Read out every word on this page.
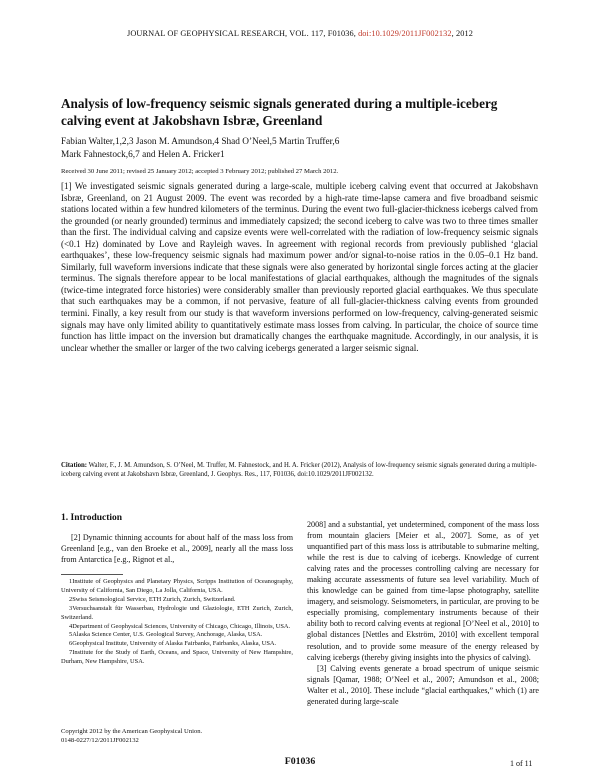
JOURNAL OF GEOPHYSICAL RESEARCH, VOL. 117, F01036, doi:10.1029/2011JF002132, 2012
Analysis of low-frequency seismic signals generated during a multiple-iceberg calving event at Jakobshavn Isbræ, Greenland
Fabian Walter,1,2,3 Jason M. Amundson,4 Shad O’Neel,5 Martin Truffer,6
Mark Fahnestock,6,7 and Helen A. Fricker1
Received 30 June 2011; revised 25 January 2012; accepted 3 February 2012; published 27 March 2012.
[1] We investigated seismic signals generated during a large-scale, multiple iceberg calving event that occurred at Jakobshavn Isbræ, Greenland, on 21 August 2009. The event was recorded by a high-rate time-lapse camera and five broadband seismic stations located within a few hundred kilometers of the terminus. During the event two full-glacier-thickness icebergs calved from the grounded (or nearly grounded) terminus and immediately capsized; the second iceberg to calve was two to three times smaller than the first. The individual calving and capsize events were well-correlated with the radiation of low-frequency seismic signals (<0.1 Hz) dominated by Love and Rayleigh waves. In agreement with regional records from previously published ‘glacial earthquakes’, these low-frequency seismic signals had maximum power and/or signal-to-noise ratios in the 0.05–0.1 Hz band. Similarly, full waveform inversions indicate that these signals were also generated by horizontal single forces acting at the glacier terminus. The signals therefore appear to be local manifestations of glacial earthquakes, although the magnitudes of the signals (twice-time integrated force histories) were considerably smaller than previously reported glacial earthquakes. We thus speculate that such earthquakes may be a common, if not pervasive, feature of all full-glacier-thickness calving events from grounded termini. Finally, a key result from our study is that waveform inversions performed on low-frequency, calving-generated seismic signals may have only limited ability to quantitatively estimate mass losses from calving. In particular, the choice of source time function has little impact on the inversion but dramatically changes the earthquake magnitude. Accordingly, in our analysis, it is unclear whether the smaller or larger of the two calving icebergs generated a larger seismic signal.
Citation: Walter, F., J. M. Amundson, S. O’Neel, M. Truffer, M. Fahnestock, and H. A. Fricker (2012), Analysis of low-frequency seismic signals generated during a multiple-iceberg calving event at Jakobshavn Isbræ, Greenland, J. Geophys. Res., 117, F01036, doi:10.1029/2011JF002132.
1. Introduction

[2] Dynamic thinning accounts for about half of the mass loss from Greenland [e.g., van den Broeke et al., 2009], nearly all the mass loss from Antarctica [e.g., Rignot et al.,

1Institute of Geophysics and Planetary Physics, Scripps Institution of Oceanography, University of California, San Diego, La Jolla, California, USA.

2Swiss Seismological Service, ETH Zurich, Zurich, Switzerland.

3Versuchsanstalt für Wasserbau, Hydrologie und Glaziologie, ETH Zurich, Zurich, Switzerland.

4Department of Geophysical Sciences, University of Chicago, Chicago, Illinois, USA.

5Alaska Science Center, U.S. Geological Survey, Anchorage, Alaska, USA.

6Geophysical Institute, University of Alaska Fairbanks, Fairbanks, Alaska, USA.

7Institute for the Study of Earth, Oceans, and Space, University of New Hampshire, Durham, New Hampshire, USA.

Copyright 2012 by the American Geophysical Union.
0148-0227/12/2011JF002132

2008] and a substantial, yet undetermined, component of the mass loss from mountain glaciers [Meier et al., 2007]. Some, as of yet unquantified part of this mass loss is attributable to submarine melting, while the rest is due to calving of icebergs. Knowledge of current calving rates and the processes controlling calving are necessary for making accurate assessments of future sea level variability. Much of this knowledge can be gained from time-lapse photography, satellite imagery, and seismology. Seismometers, in particular, are proving to be especially promising, complementary instruments because of their ability both to record calving events at regional [O’Neel et al., 2010] to global distances [Nettles and Ekström, 2010] with excellent temporal resolution, and to provide some measure of the energy released by calving icebergs (thereby giving insights into the physics of calving).

[3] Calving events generate a broad spectrum of unique seismic signals [Qamar, 1988; O’Neel et al., 2007; Amundson et al., 2008; Walter et al., 2010]. These include “glacial earthquakes,” which (1) are generated during large-scale

F01036	1 of 11
